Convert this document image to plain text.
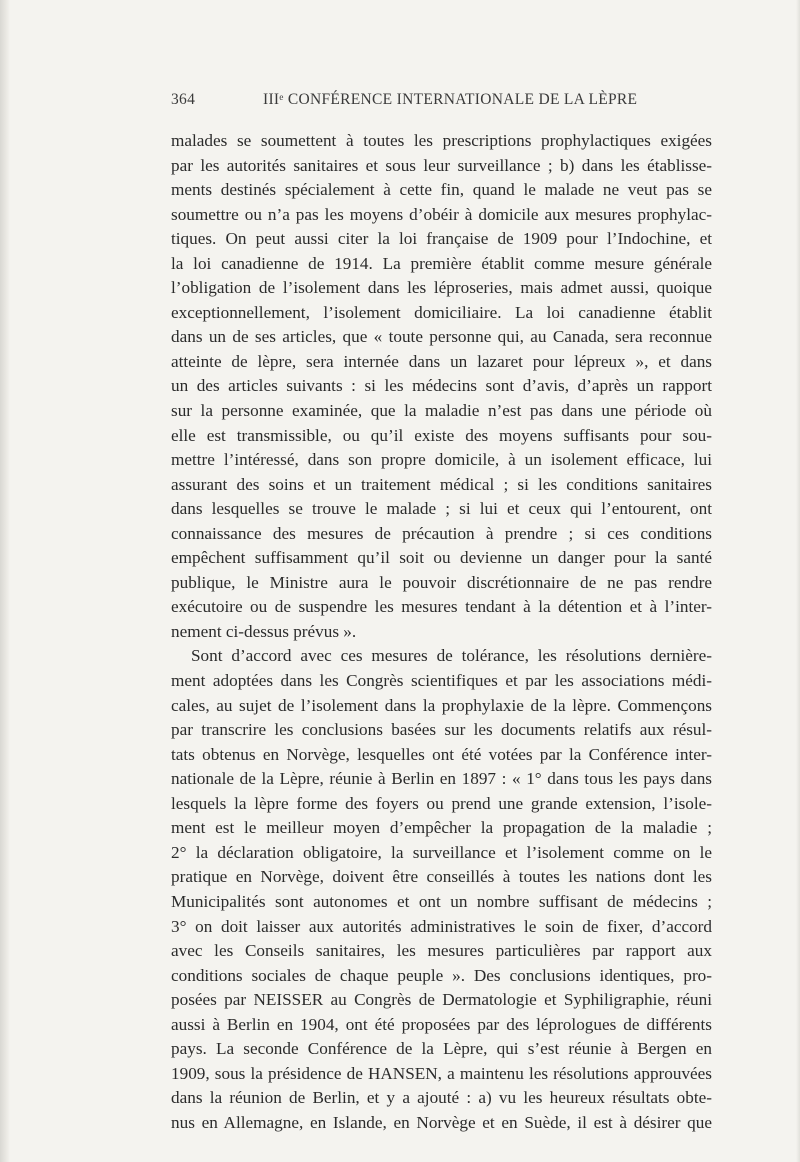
364	IIIᵉ CONFÉRENCE INTERNATIONALE DE LA LÈPRE
malades se soumettent à toutes les prescriptions prophylactiques exigées
par les autorités sanitaires et sous leur surveillance ; b) dans les établisse-
ments destinés spécialement à cette fin, quand le malade ne veut pas se
soumettre ou n’a pas les moyens d’obéir à domicile aux mesures prophylac-
tiques. On peut aussi citer la loi française de 1909 pour l’Indochine, et
la loi canadienne de 1914. La première établit comme mesure générale
l’obligation de l’isolement dans les léproseries, mais admet aussi, quoique
exceptionnellement, l’isolement domiciliaire. La loi canadienne établit
dans un de ses articles, que « toute personne qui, au Canada, sera reconnue
atteinte de lèpre, sera internée dans un lazaret pour lépreux », et dans
un des articles suivants : si les médecins sont d’avis, d’après un rapport
sur la personne examinée, que la maladie n’est pas dans une période où
elle est transmissible, ou qu’il existe des moyens suffisants pour sou-
mettre l’intéressé, dans son propre domicile, à un isolement efficace, lui
assurant des soins et un traitement médical ; si les conditions sanitaires
dans lesquelles se trouve le malade ; si lui et ceux qui l’entourent, ont
connaissance des mesures de précaution à prendre ; si ces conditions
empêchent suffisamment qu’il soit ou devienne un danger pour la santé
publique, le Ministre aura le pouvoir discrétionnaire de ne pas rendre
exécutoire ou de suspendre les mesures tendant à la détention et à l’inter-
nement ci-dessus prévus ».
Sont d’accord avec ces mesures de tolérance, les résolutions dernière-
ment adoptées dans les Congrès scientifiques et par les associations médi-
cales, au sujet de l’isolement dans la prophylaxie de la lèpre. Commençons
par transcrire les conclusions basées sur les documents relatifs aux résul-
tats obtenus en Norvège, lesquelles ont été votées par la Conférence inter-
nationale de la Lèpre, réunie à Berlin en 1897 : « 1° dans tous les pays dans
lesquels la lèpre forme des foyers ou prend une grande extension, l’isole-
ment est le meilleur moyen d’empêcher la propagation de la maladie ;
2° la déclaration obligatoire, la surveillance et l’isolement comme on le
pratique en Norvège, doivent être conseillés à toutes les nations dont les
Municipalités sont autonomes et ont un nombre suffisant de médecins ;
3° on doit laisser aux autorités administratives le soin de fixer, d’accord
avec les Conseils sanitaires, les mesures particulières par rapport aux
conditions sociales de chaque peuple ». Des conclusions identiques, pro-
posées par NEISSER au Congrès de Dermatologie et Syphiligraphie, réuni
aussi à Berlin en 1904, ont été proposées par des léprologues de différents
pays. La seconde Conférence de la Lèpre, qui s’est réunie à Bergen en
1909, sous la présidence de HANSEN, a maintenu les résolutions approuvées
dans la réunion de Berlin, et y a ajouté : a) vu les heureux résultats obte-
nus en Allemagne, en Islande, en Norvège et en Suède, il est à désirer que
